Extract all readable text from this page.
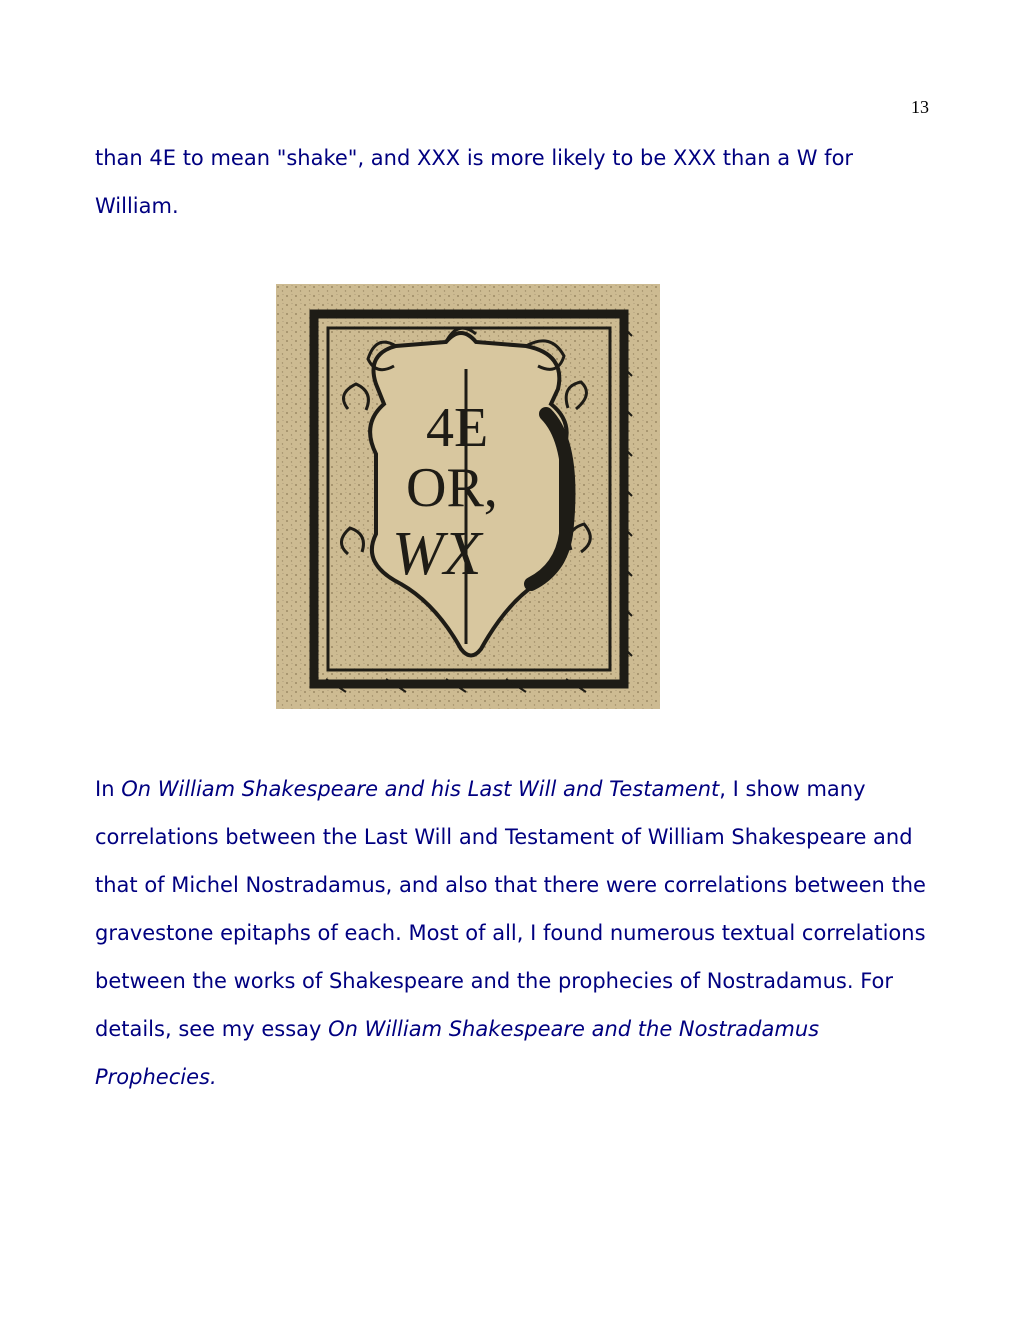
13

than 4E to mean "shake", and XXX is more likely to be XXX than a W for
William.

4E
OR,
WX

In On William Shakespeare and his Last Will and Testament, I show many correlations between the Last Will and Testament of William Shakespeare and that of Michel Nostradamus, and also that there were correlations between the gravestone epitaphs of each. Most of all, I found numerous textual correlations between the works of Shakespeare and the prophecies of Nostradamus. For details, see my essay On William Shakespeare and the Nostradamus Prophecies.
